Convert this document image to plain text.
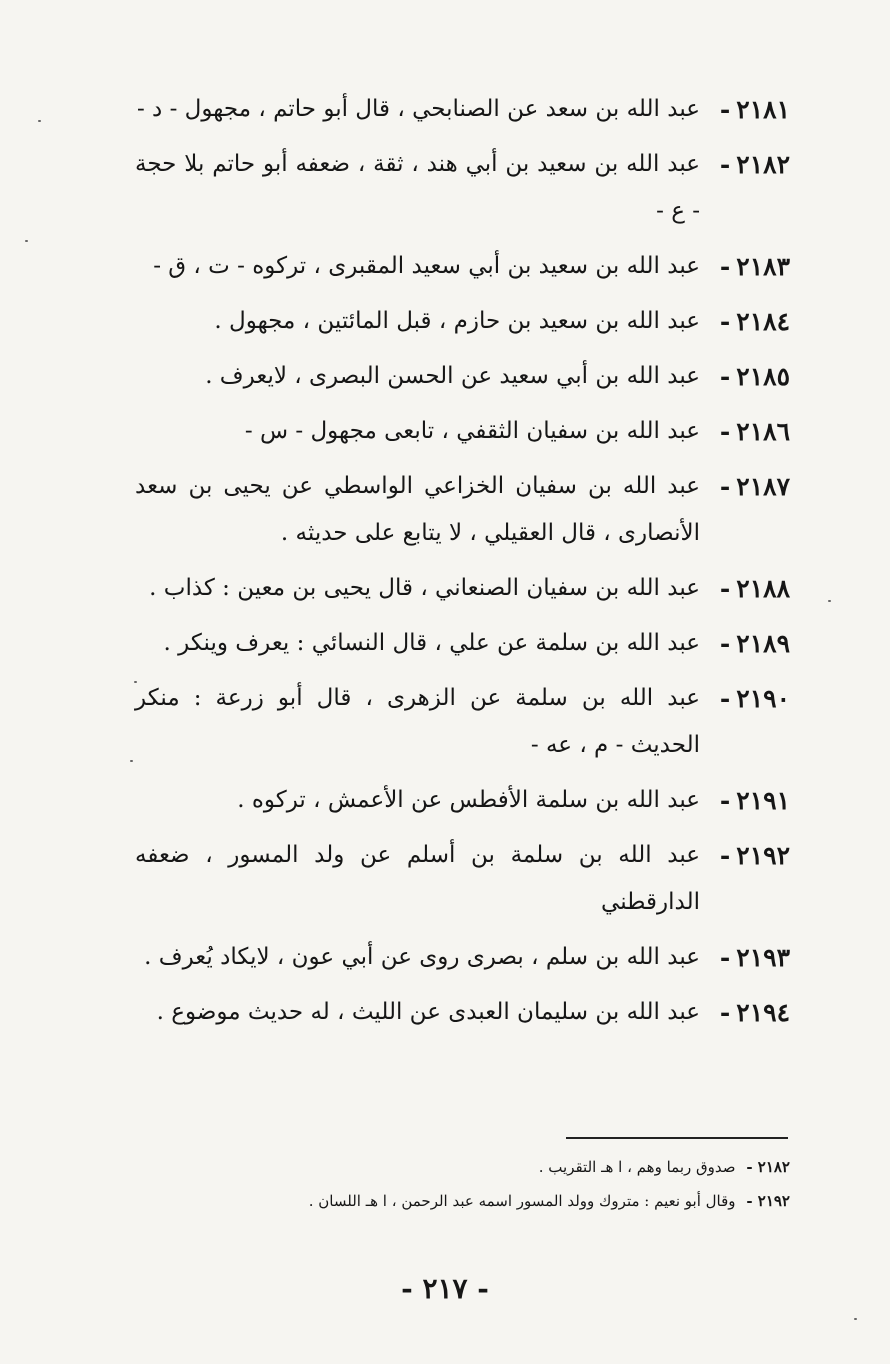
٢١٨١-
عبد الله بن سعد عن الصنابحي ، قال أبو حاتم ، مجهول - د -
٢١٨٢-
عبد الله بن سعيد بن أبي هند ، ثقة ، ضعفه أبو حاتم بلا حجة - ع -
٢١٨٣-
عبد الله بن سعيد بن أبي سعيد المقبرى ، تركوه - ت ، ق -
٢١٨٤-
عبد الله بن سعيد بن حازم ، قبل المائتين ، مجهول .
٢١٨٥-
عبد الله بن أبي سعيد عن الحسن البصرى ، لايعرف .
٢١٨٦-
عبد الله بن سفيان الثقفي ، تابعى مجهول - س -
٢١٨٧-
عبد الله بن سفيان الخزاعي الواسطي عن يحيى بن سعد الأنصارى ، قال العقيلي ، لا يتابع على حديثه .
٢١٨٨-
عبد الله بن سفيان الصنعاني ، قال يحيى بن معين : كذاب .
٢١٨٩-
عبد الله بن سلمة عن علي ، قال النسائي : يعرف وينكر .
٢١٩٠-
عبد الله بن سلمة عن الزهرى ، قال أبو زرعة : منكر الحديث - م ، عه -
٢١٩١-
عبد الله بن سلمة الأفطس عن الأعمش ، تركوه .
٢١٩٢-
عبد الله بن سلمة بن أسلم عن ولد المسور ، ضعفه الدارقطني
٢١٩٣-
عبد الله بن سلم ، بصرى روى عن أبي عون ، لايكاد يُعرف .
٢١٩٤-
عبد الله بن سليمان العبدى عن الليث ، له حديث موضوع .
٢١٨٢ - صدوق ربما وهم ، ا هـ التقريب .
٢١٩٢ - وقال أبو نعيم : متروك وولد المسور اسمه عبد الرحمن ، ا هـ اللسان .
- ٢١٧ -
